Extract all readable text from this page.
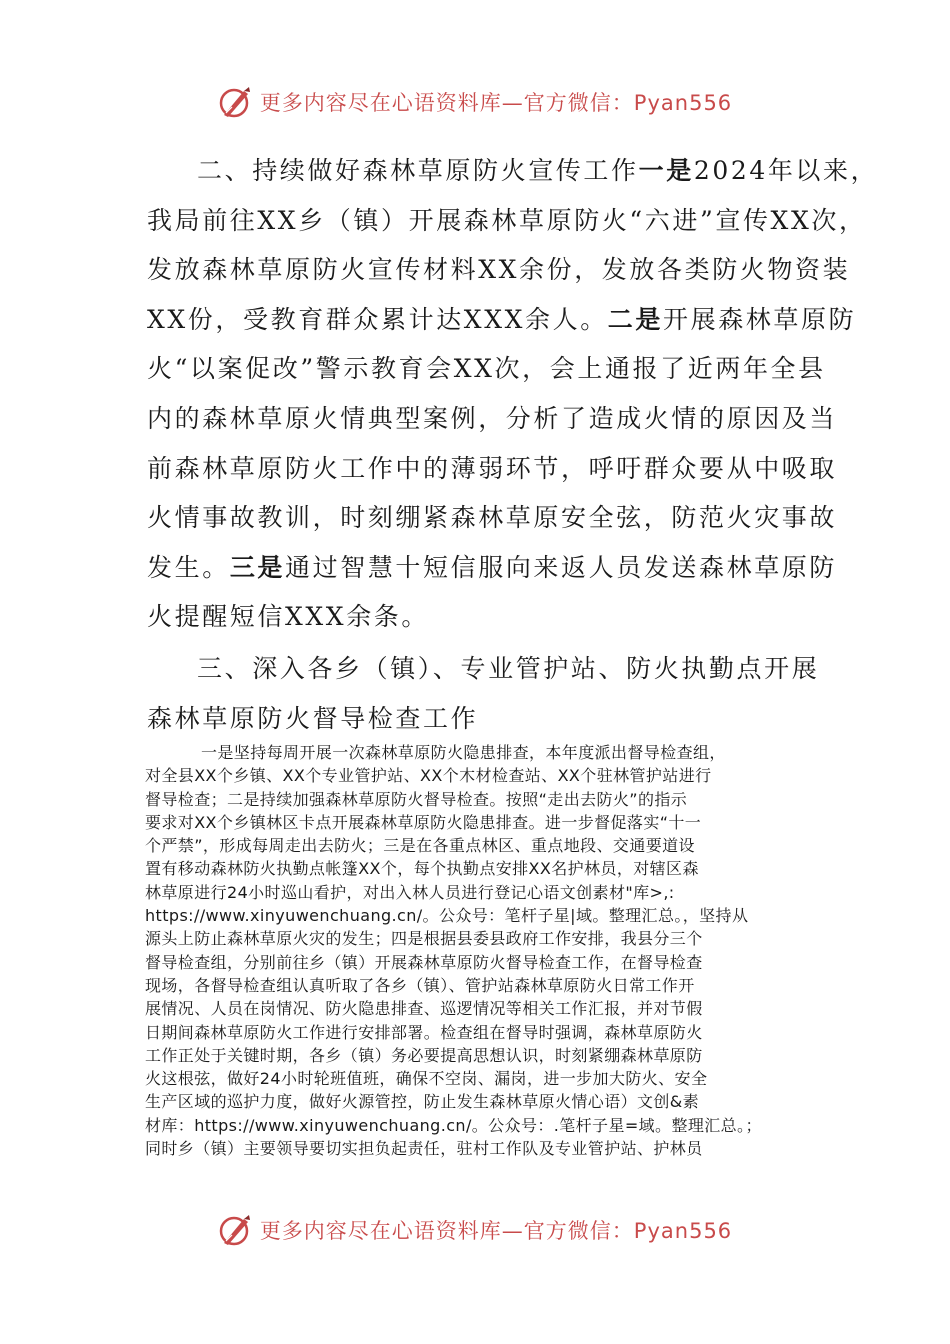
更多内容尽在心语资料库—官方微信：Pyan556
二、持续做好森林草原防火宣传工作一是2024年以来，
我局前往XX乡（镇）开展森林草原防火“六进”宣传XX次，
发放森林草原防火宣传材料XX余份，发放各类防火物资装
XX份，受教育群众累计达XXX余人。二是开展森林草原防
火“以案促改”警示教育会XX次，会上通报了近两年全县
内的森林草原火情典型案例，分析了造成火情的原因及当
前森林草原防火工作中的薄弱环节，呼吁群众要从中吸取
火情事故教训，时刻绷紧森林草原安全弦，防范火灾事故
发生。三是通过智慧十短信服向来返人员发送森林草原防
火提醒短信XXX余条。
三、深入各乡（镇）、专业管护站、防火执勤点开展
森林草原防火督导检查工作
一是坚持每周开展一次森林草原防火隐患排查，本年度派出督导检查组，
对全县XX个乡镇、XX个专业管护站、XX个木材检查站、XX个驻林管护站进行
督导检查；二是持续加强森林草原防火督导检查。按照“走出去防火”的指示
要求对XX个乡镇林区卡点开展森林草原防火隐患排查。进一步督促落实“十一
个严禁”，形成每周走出去防火；三是在各重点林区、重点地段、交通要道设
置有移动森林防火执勤点帐篷XX个，每个执勤点安排XX名护林员，对辖区森
林草原进行24小时巡山看护，对出入林人员进行登记心语文创素材"库>,:
https://www.xinyuwenchuang.cn/。公众号：笔杆子星|域。整理汇总。，坚持从
源头上防止森林草原火灾的发生；四是根据县委县政府工作安排，我县分三个
督导检查组，分别前往乡（镇）开展森林草原防火督导检查工作，在督导检查
现场，各督导检查组认真听取了各乡（镇）、管护站森林草原防火日常工作开
展情况、人员在岗情况、防火隐患排查、巡逻情况等相关工作汇报，并对节假
日期间森林草原防火工作进行安排部署。检查组在督导时强调，森林草原防火
工作正处于关键时期，各乡（镇）务必要提高思想认识，时刻紧绷森林草原防
火这根弦，做好24小时轮班值班，确保不空岗、漏岗，进一步加大防火、安全
生产区域的巡护力度，做好火源管控，防止发生森林草原火情心语）文创&素
材库：https://www.xinyuwenchuang.cn/。公众号：.笔杆子星=域。整理汇总。；
同时乡（镇）主要领导要切实担负起责任，驻村工作队及专业管护站、护林员
更多内容尽在心语资料库—官方微信：Pyan556
